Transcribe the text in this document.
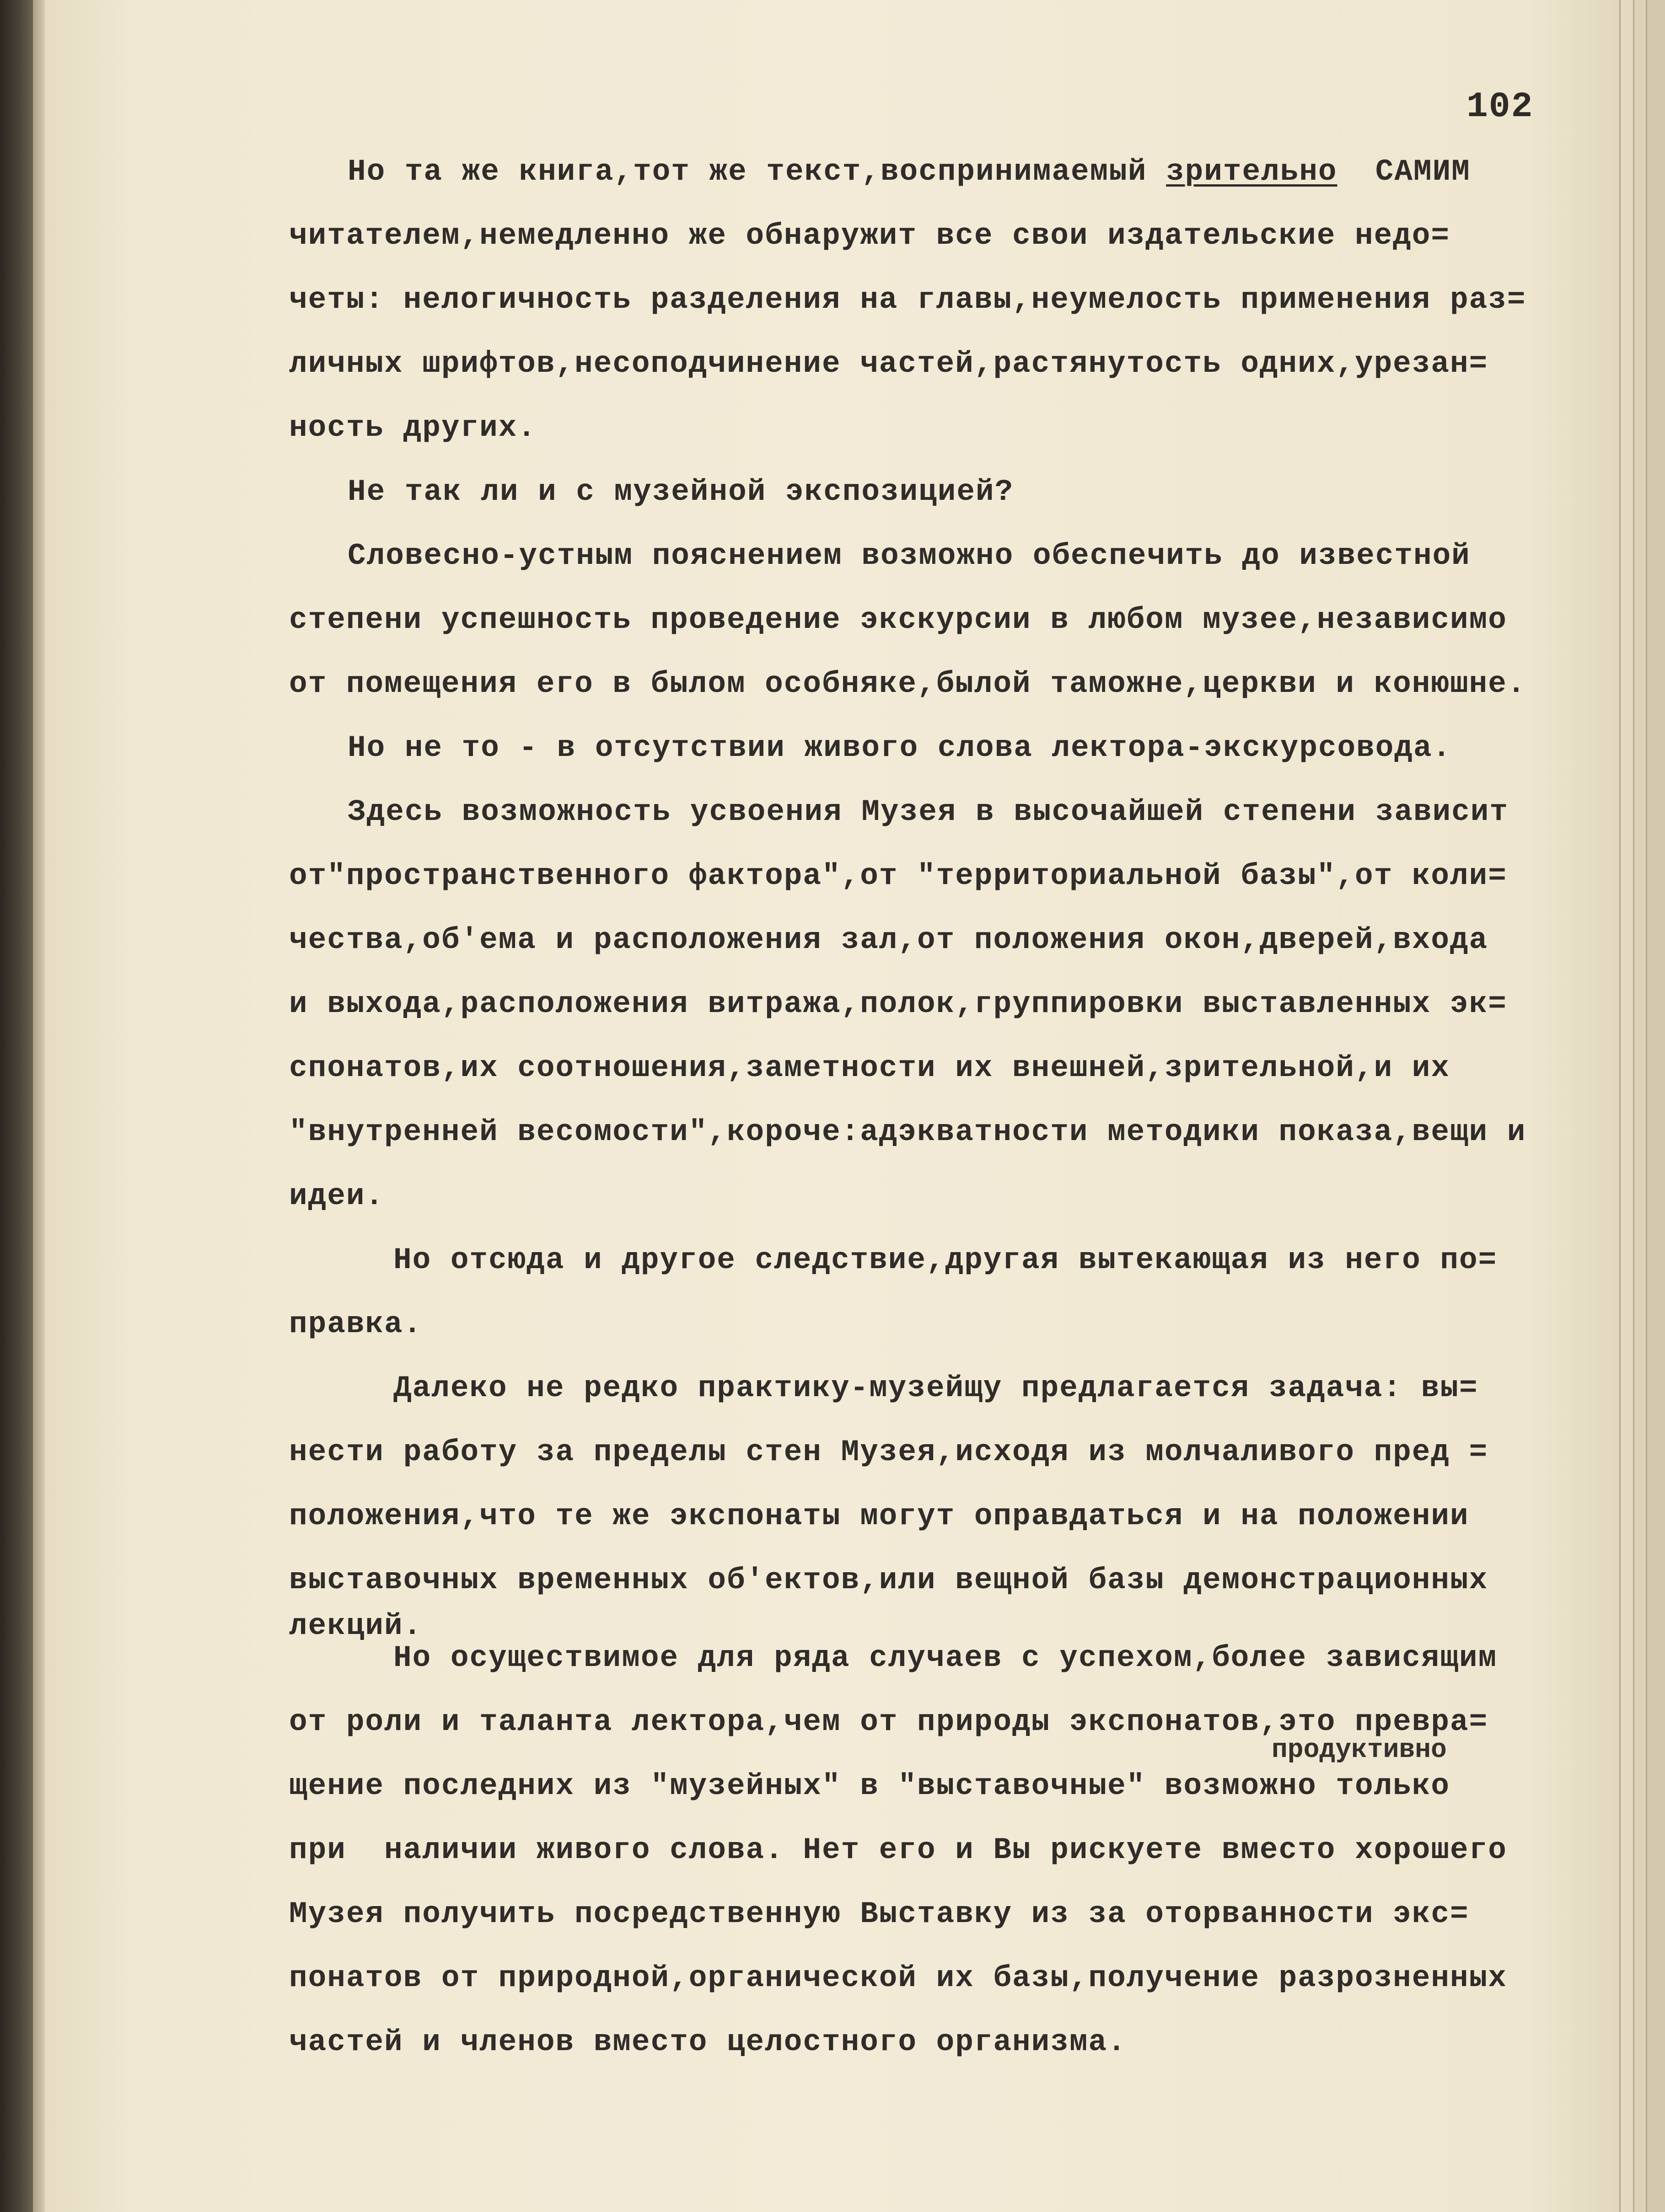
102
Но та же книга,тот же текст,воспринимаемый зрительно  САМИМ
читателем,немедленно же обнаружит все свои издательские недо=
четы: нелогичность разделения на главы,неумелость применения раз=
личных шрифтов,несоподчинение частей,растянутость одних,урезан=
ность других.
Не так ли и с музейной экспозицией?
Словесно-устным пояснением возможно обеспечить до известной
степени успешность проведение экскурсии в любом музее,независимо
от помещения его в былом особняке,былой таможне,церкви и конюшне.
Но не то - в отсутствии живого слова лектора-экскурсовода.
Здесь возможность усвоения Музея в высочайшей степени зависит
от"пространственного фактора",от "территориальной базы",от коли=
чества,об'ема и расположения зал,от положения окон,дверей,входа
и выхода,расположения витража,полок,группировки выставленных эк=
спонатов,их соотношения,заметности их внешней,зрительной,и их
"внутренней весомости",короче:адэкватности методики показа,вещи и
идеи.
Но отсюда и другое следствие,другая вытекающая из него по=
правка.
Далеко не редко практику-музейщу предлагается задача: вы=
нести работу за пределы стен Музея,исходя из молчаливого пред =
положения,что те же экспонаты могут оправдаться и на положении
выставочных временных об'ектов,или вещной базы демонстрационных
лекций.
Но осуществимое для ряда случаев с успехом,более зависящим
от роли и таланта лектора,чем от природы экспонатов,это превра=
продуктивно
щение последних из "музейных" в "выставочные" возможно только
при  наличии живого слова. Нет его и Вы рискуете вместо хорошего
Музея получить посредственную Выставку из за оторванности экс=
понатов от природной,органической их базы,получение разрозненных
частей и членов вместо целостного организма.
